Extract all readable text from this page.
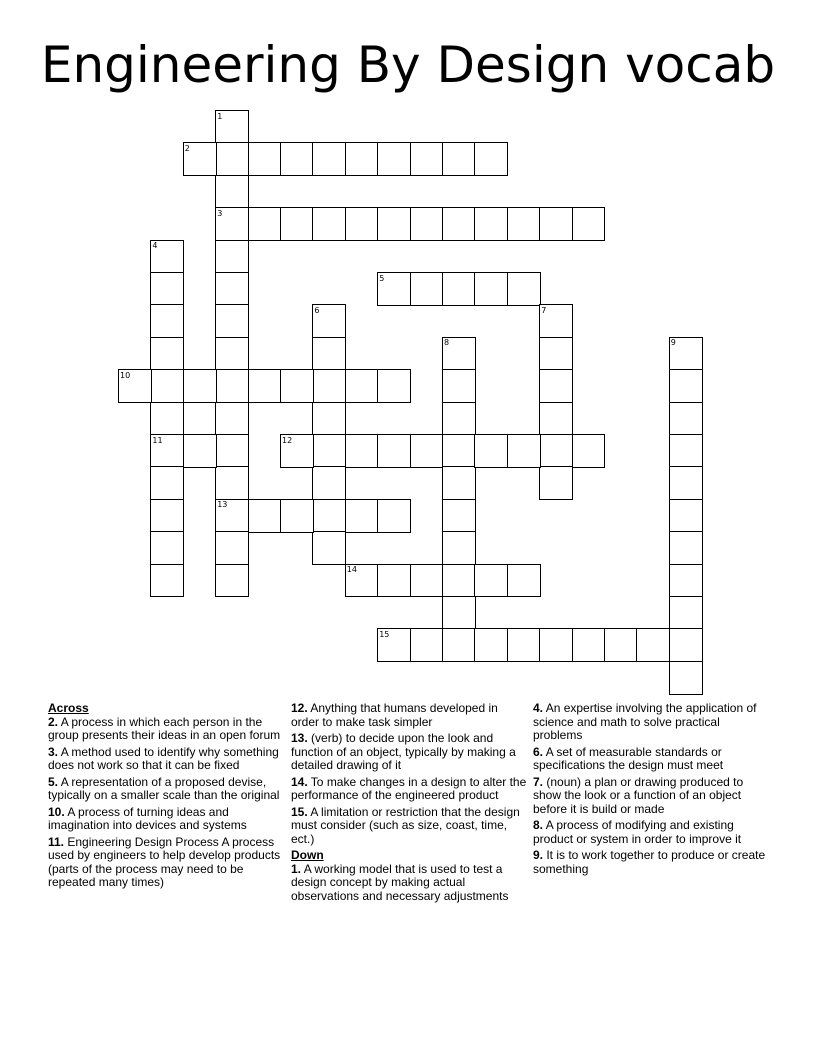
Engineering By Design vocab
1
2
3
4
5
6	7
8	9
10
11	12
13
14
15
Across
2. A process in which each person in the group presents their ideas in an open forum
3. A method used to identify why something does not work so that it can be fixed
5. A representation of a proposed devise, typically on a smaller scale than the original
10. A process of turning ideas and imagination into devices and systems
11. Engineering Design Process A process used by engineers to help develop products (parts of the process may need to be repeated many times)
12. Anything that humans developed in order to make task simpler
13. (verb) to decide upon the look and function of an object, typically by making a detailed drawing of it
14. To make changes in a design to alter the performance of the engineered product
15. A limitation or restriction that the design must consider (such as size, coast, time, ect.)
Down
1. A working model that is used to test a design concept by making actual observations and necessary adjustments
4. An expertise involving the application of science and math to solve practical problems
6. A set of measurable standards or specifications the design must meet
7. (noun) a plan or drawing produced to show the look or a function of an object before it is build or made
8. A process of modifying and existing product or system in order to improve it
9. It is to work together to produce or create something
